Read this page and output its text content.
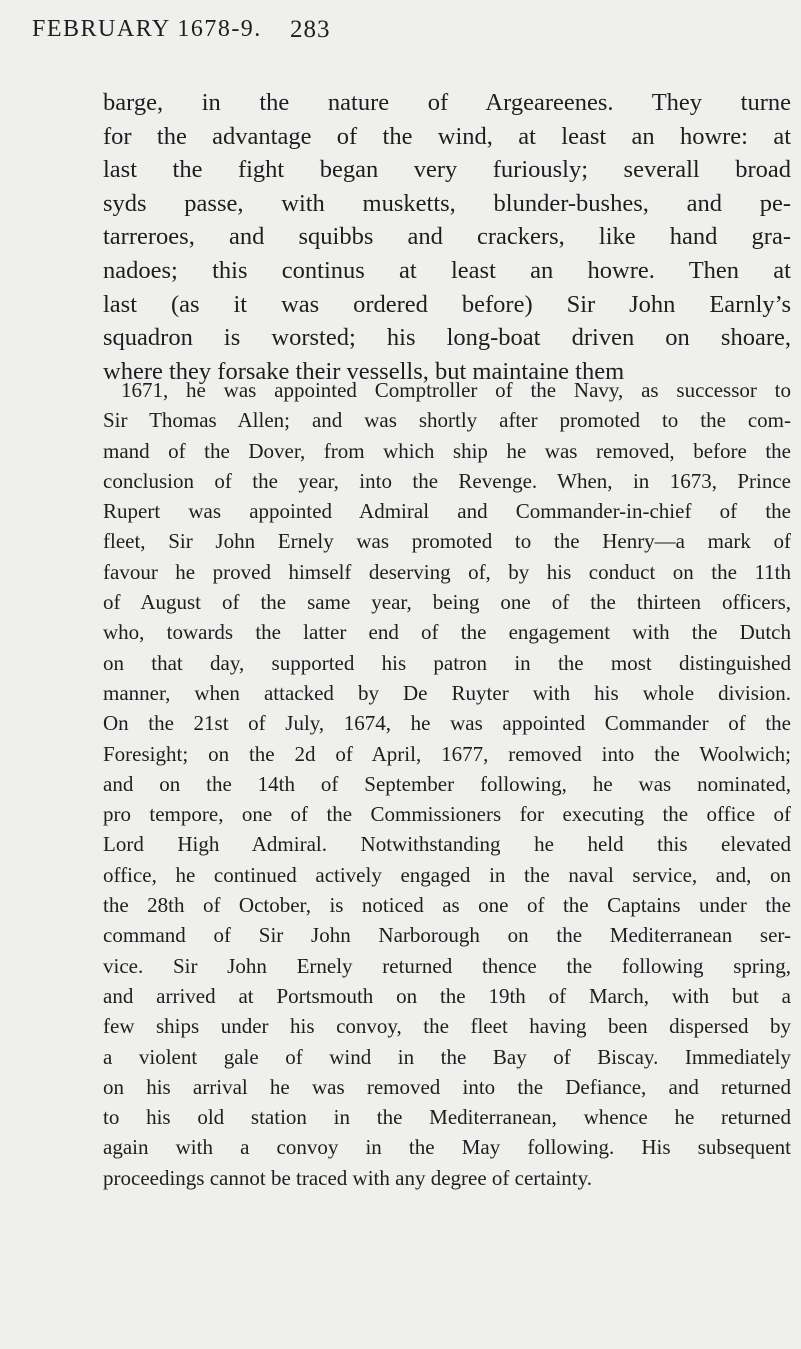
FEBRUARY 1678-9. 283
barge, in the nature of Argeareenes. They turne
for the advantage of the wind, at least an howre: at
last the fight began very furiously; severall broad
syds passe, with musketts, blunder-bushes, and pe-
tarreroes, and squibbs and crackers, like hand gra-
nadoes; this continus at least an howre. Then at
last (as it was ordered before) Sir John Earnly’s
squadron is worsted; his long-boat driven on shoare,
where they forsake their vessells, but maintaine them
1671, he was appointed Comptroller of the Navy, as successor to
Sir Thomas Allen; and was shortly after promoted to the com-
mand of the Dover, from which ship he was removed, before the
conclusion of the year, into the Revenge. When, in 1673, Prince
Rupert was appointed Admiral and Commander-in-chief of the
fleet, Sir John Ernely was promoted to the Henry—a mark of
favour he proved himself deserving of, by his conduct on the 11th
of August of the same year, being one of the thirteen officers,
who, towards the latter end of the engagement with the Dutch
on that day, supported his patron in the most distinguished
manner, when attacked by De Ruyter with his whole division.
On the 21st of July, 1674, he was appointed Commander of the
Foresight; on the 2d of April, 1677, removed into the Woolwich;
and on the 14th of September following, he was nominated,
pro tempore, one of the Commissioners for executing the office of
Lord High Admiral. Notwithstanding he held this elevated
office, he continued actively engaged in the naval service, and, on
the 28th of October, is noticed as one of the Captains under the
command of Sir John Narborough on the Mediterranean ser-
vice. Sir John Ernely returned thence the following spring,
and arrived at Portsmouth on the 19th of March, with but a
few ships under his convoy, the fleet having been dispersed by
a violent gale of wind in the Bay of Biscay. Immediately
on his arrival he was removed into the Defiance, and returned
to his old station in the Mediterranean, whence he returned
again with a convoy in the May following. His subsequent
proceedings cannot be traced with any degree of certainty.
